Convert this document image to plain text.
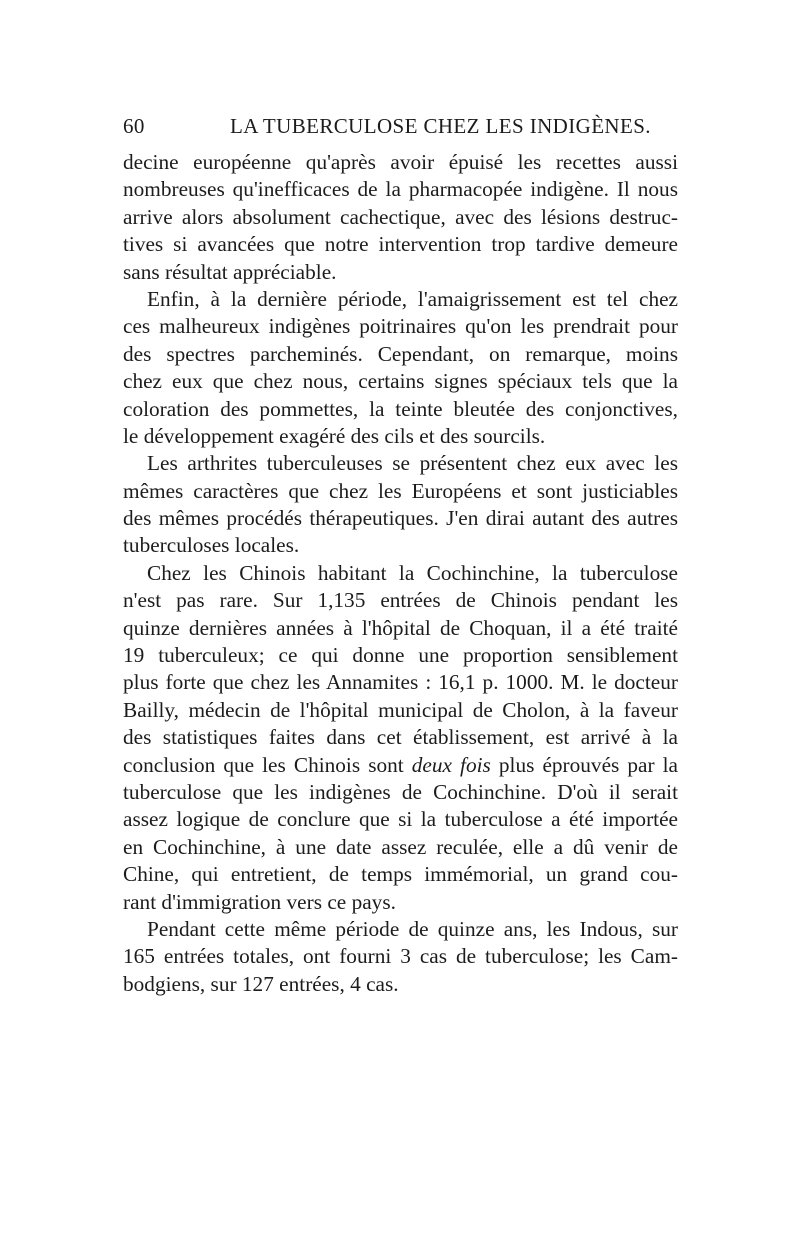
60	LA TUBERCULOSE CHEZ LES INDIGÈNES.
decine européenne qu'après avoir épuisé les recettes aussi
nombreuses qu'inefficaces de la pharmacopée indigène. Il nous
arrive alors absolument cachectique, avec des lésions destruc-
tives si avancées que notre intervention trop tardive demeure
sans résultat appréciable.
Enfin, à la dernière période, l'amaigrissement est tel chez
ces malheureux indigènes poitrinaires qu'on les prendrait pour
des spectres parcheminés. Cependant, on remarque, moins
chez eux que chez nous, certains signes spéciaux tels que la
coloration des pommettes, la teinte bleutée des conjonctives,
le développement exagéré des cils et des sourcils.
Les arthrites tuberculeuses se présentent chez eux avec les
mêmes caractères que chez les Européens et sont justiciables
des mêmes procédés thérapeutiques. J'en dirai autant des autres
tuberculoses locales.
Chez les Chinois habitant la Cochinchine, la tuberculose
n'est pas rare. Sur 1,135 entrées de Chinois pendant les
quinze dernières années à l'hôpital de Choquan, il a été traité
19 tuberculeux; ce qui donne une proportion sensiblement
plus forte que chez les Annamites : 16,1 p. 1000. M. le docteur
Bailly, médecin de l'hôpital municipal de Cholon, à la faveur
des statistiques faites dans cet établissement, est arrivé à la
conclusion que les Chinois sont deux fois plus éprouvés par la
tuberculose que les indigènes de Cochinchine. D'où il serait
assez logique de conclure que si la tuberculose a été importée
en Cochinchine, à une date assez reculée, elle a dû venir de
Chine, qui entretient, de temps immémorial, un grand cou-
rant d'immigration vers ce pays.
Pendant cette même période de quinze ans, les Indous, sur
165 entrées totales, ont fourni 3 cas de tuberculose; les Cam-
bodgiens, sur 127 entrées, 4 cas.
